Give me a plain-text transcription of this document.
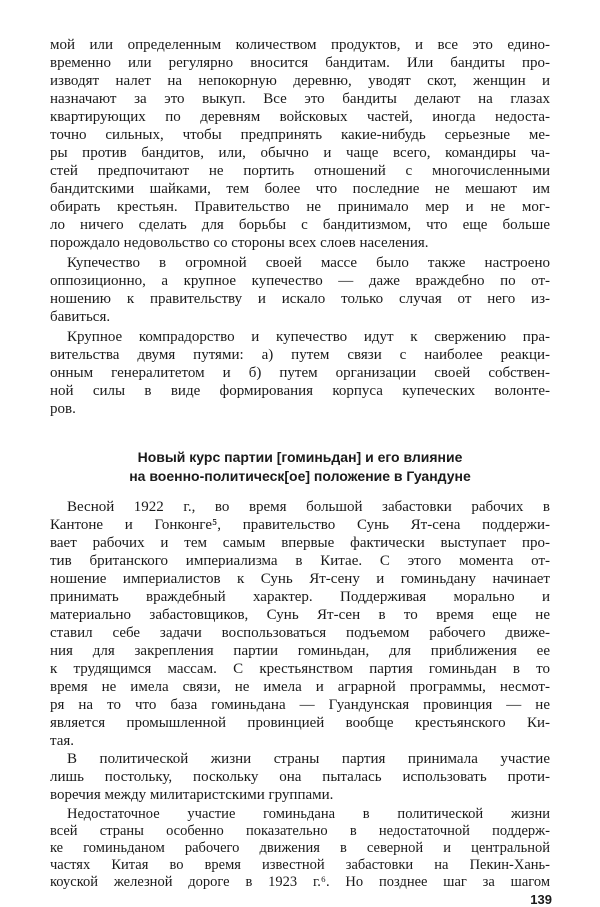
мой или определенным количеством продуктов, и все это едино-
временно или регулярно вносится бандитам. Или бандиты про-
изводят налет на непокорную деревню, уводят скот, женщин и
назначают за это выкуп. Все это бандиты делают на глазах
квартирующих по деревням войсковых частей, иногда недоста-
точно сильных, чтобы предпринять какие-нибудь серьезные ме-
ры против бандитов, или, обычно и чаще всего, командиры ча-
стей предпочитают не портить отношений с многочисленными
бандитскими шайками, тем более что последние не мешают им
обирать крестьян. Правительство не принимало мер и не мог-
ло ничего сделать для борьбы с бандитизмом, что еще больше
порождало недовольство со стороны всех слоев населения.
Купечество в огромной своей массе было также настроено
оппозиционно, а крупное купечество — даже враждебно по от-
ношению к правительству и искало только случая от него из-
бавиться.
Крупное компрадорство и купечество идут к свержению пра-
вительства двумя путями: а) путем связи с наиболее реакци-
онным генералитетом и б) путем организации своей собствен-
ной силы в виде формирования корпуса купеческих волонте-
ров.
Новый курс партии [гоминьдан] и его влияние
на военно-политическ[ое] положение в Гуандуне
Весной 1922 г., во время большой забастовки рабочих в
Кантоне и Гонконге⁵, правительство Сунь Ят-сена поддержи-
вает рабочих и тем самым впервые фактически выступает про-
тив британского империализма в Китае. С этого момента от-
ношение империалистов к Сунь Ят-сену и гоминьдану начинает
принимать враждебный характер. Поддерживая морально и
материально забастовщиков, Сунь Ят-сен в то время еще не
ставил себе задачи воспользоваться подъемом рабочего движе-
ния для закрепления партии гоминьдан, для приближения ее
к трудящимся массам. С крестьянством партия гоминьдан в то
время не имела связи, не имела и аграрной программы, несмот-
ря на то что база гоминьдана — Гуандунская провинция — не
является промышленной провинцией вообще крестьянского Ки-
тая.
В политической жизни страны партия принимала участие
лишь постольку, поскольку она пыталась использовать проти-
воречия между милитаристскими группами.
139
Недостаточное участие гоминьдана в политической жизни
всей страны особенно показательно в недостаточной поддерж-
ке гоминьданом рабочего движения в северной и центральной
частях Китая во время известной забастовки на Пекин-Хань-
коуской железной дороге в 1923 г.⁶. Но позднее шаг за шагом
